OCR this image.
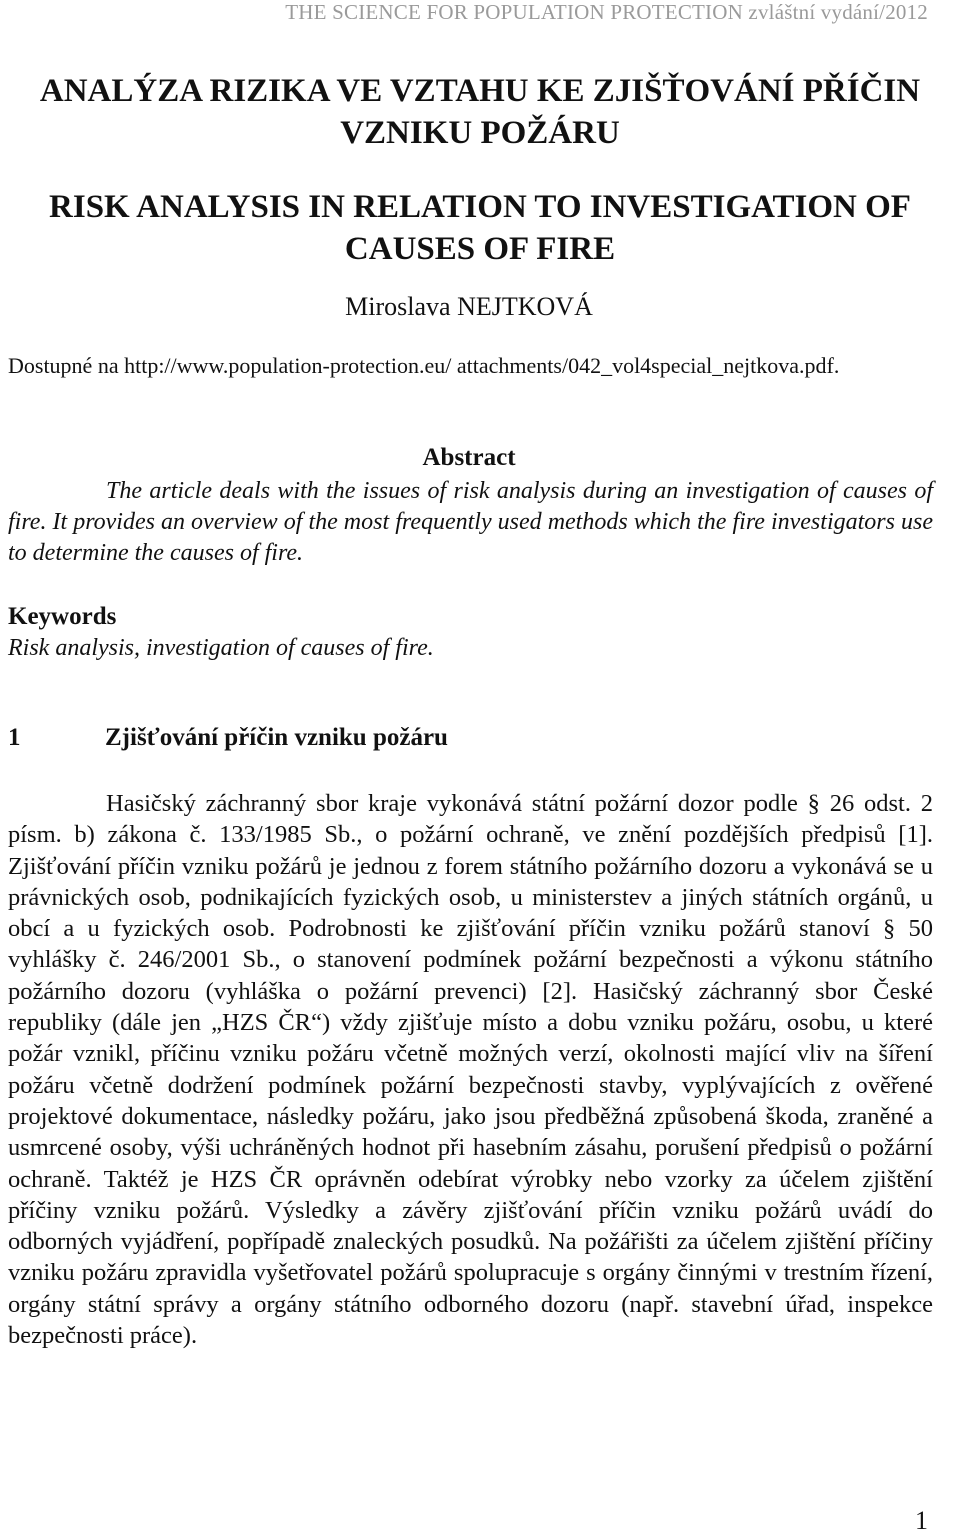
THE SCIENCE FOR POPULATION PROTECTION zvláštní vydání/2012
ANALÝZA RIZIKA VE VZTAHU KE ZJIŠŤOVÁNÍ PŘÍČIN VZNIKU POŽÁRU
RISK ANALYSIS IN RELATION TO INVESTIGATION OF CAUSES OF FIRE
Miroslava NEJTKOVÁ
Dostupné na http://www.population-protection.eu/ attachments/042_vol4special_nejtkova.pdf.
Abstract
The article deals with the issues of risk analysis during an investigation of causes of fire. It provides an overview of the most frequently used methods which the fire investigators use to determine the causes of fire.
Keywords
Risk analysis, investigation of causes of fire.
1	Zjišťování příčin vzniku požáru
Hasičský záchranný sbor kraje vykonává státní požární dozor podle § 26 odst. 2 písm. b) zákona č. 133/1985 Sb., o požární ochraně, ve znění pozdějších předpisů [1]. Zjišťování příčin vzniku požárů je jednou z forem státního požárního dozoru a vykonává se u právnických osob, podnikajících fyzických osob, u ministerstev a jiných státních orgánů, u obcí a u fyzických osob. Podrobnosti ke zjišťování příčin vzniku požárů stanoví § 50 vyhlášky č. 246/2001 Sb., o stanovení podmínek požární bezpečnosti a výkonu státního požárního dozoru (vyhláška o požární prevenci) [2]. Hasičský záchranný sbor České republiky (dále jen „HZS ČR“) vždy zjišťuje místo a dobu vzniku požáru, osobu, u které požár vznikl, příčinu vzniku požáru včetně možných verzí, okolnosti mající vliv na šíření požáru včetně dodržení podmínek požární bezpečnosti stavby, vyplývajících z ověřené projektové dokumentace, následky požáru, jako jsou předběžná způsobená škoda, zraněné a usmrcené osoby, výši uchráněných hodnot při hasebním zásahu, porušení předpisů o požární ochraně. Taktéž je HZS ČR oprávněn odebírat výrobky nebo vzorky za účelem zjištění příčiny vzniku požárů. Výsledky a závěry zjišťování příčin vzniku požárů uvádí do odborných vyjádření, popřípadě znaleckých posudků. Na požářišti za účelem zjištění příčiny vzniku požáru zpravidla vyšetřovatel požárů spolupracuje s orgány činnými v trestním řízení, orgány státní správy a orgány státního odborného dozoru (např. stavební úřad, inspekce bezpečnosti práce).
1
